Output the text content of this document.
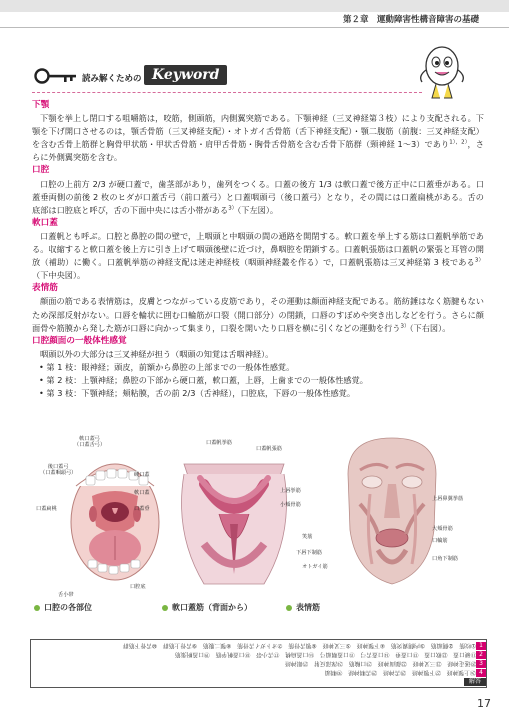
第２章　運動障害性構音障害の基礎
読み解くための Keyword

下顎

下顎を挙上し閉口する咀嚼筋は，咬筋，側頭筋，内側翼突筋である。下顎神経（三叉神経第３枝）により支配される。下顎を下げ開口させるのは，顎舌骨筋（三叉神経支配）・オトガイ舌骨筋（舌下神経支配）・顎二腹筋（前腹：三叉神経支配）を含む舌骨上筋群と胸骨甲状筋・甲状舌骨筋・肩甲舌骨筋・胸骨舌骨筋を含む舌骨下筋群（頸神経 1～3）であり$^{1),2)}$，さらに外側翼突筋を含む。

口腔

口腔の上前方 2/3 が硬口蓋で，歯茎部があり，歯列をつくる。口蓋の後方 1/3 は軟口蓋で後方正中に口蓋垂がある。口蓋垂両側の前後 2 枚のヒダが口蓋舌弓（前口蓋弓）と口蓋咽頭弓（後口蓋弓）となり，その間には口蓋扁桃がある。舌の底部は口腔底と呼び，舌の下面中央には舌小帯がある$^{3)}$（下左図）。

軟口蓋

口蓋帆とも呼ぶ。口腔と鼻腔の間の壁で，上咽頭と中咽頭の間の通路を開閉する。軟口蓋を挙上する筋は口蓋帆挙筋である。収縮すると軟口蓋を後上方に引き上げて咽頭後壁に近づけ，鼻咽腔を閉鎖する。口蓋帆張筋は口蓋帆の緊張と耳管の開放（補助）に働く。口蓋帆挙筋の神経支配は迷走神経枝（咽頭神経叢を作る）で，口蓋帆張筋は三叉神経第 3 枝である$^{3)}$（下中央図）。

表情筋

顔面の筋である表情筋は，皮膚とつながっている皮筋であり，その運動は顔面神経支配である。筋紡錘はなく筋腱もないため深部反射がない。口唇を輪状に囲む口輪筋が口裂（開口部分）の閉鎖，口唇のすぼめや突き出しなどを行う。さらに顔面骨や筋膜から発した筋が口唇に向かって集まり，口裂を開いたり口唇を横に引くなどの運動を行う$^{3)}$（下右図）。

口腔顔面の一般体性感覚

咽頭以外の大部分は三叉神経が担う（咽頭の知覚は舌咽神経）。

• 第 1 枝：眼神経；頭皮，前額から鼻腔の上部までの一般体性感覚。

• 第 2 枝：上顎神経；鼻腔の下部から硬口蓋，軟口蓋，上唇，上歯までの一般体性感覚。

• 第 3 枝：下顎神経；頬粘膜，舌の前 2/3（舌神経），口腔底，下唇の一般体性感覚。

軟口蓋弓
（口蓋舌弓）
後口蓋弓
（口蓋咽頭弓）	硬口蓋
軟口蓋
口蓋扁桃	口蓋垂
舌小帯
口腔底
口蓋帆挙筋
口蓋帆張筋
上唇挙筋
小頬骨筋
上唇鼻翼挙筋
大頬骨筋
口輪筋
笑筋
下唇下制筋
口角下制筋
オトガイ筋
口腔の各部位	軟口蓋筋（背面から）	表情筋
1
2
3
4
①咬筋　②側頭筋　③内側翼突筋　④下顎神経　⑤三叉神経　⑥顎舌骨筋　⑦オトガイ舌骨筋　⑧顎二腹筋　⑨舌骨上筋群　⑩舌骨下筋群
⑪硬口蓋　⑫軟口蓋　⑬口蓋垂　⑭口蓋舌弓　⑮口蓋咽頭弓　⑯口蓋扁桃　⑰舌小帯　⑱口蓋帆挙筋　⑲口蓋帆張筋
⑳迷走神経　㉑三叉神経　㉒顔面神経　㉓口輪筋　㉔深部反射　㉕眼神経
㉖上顎神経　㉗下顎神経　㉘舌神経　㉙舌咽神経　㉚咽頭
解答
17
